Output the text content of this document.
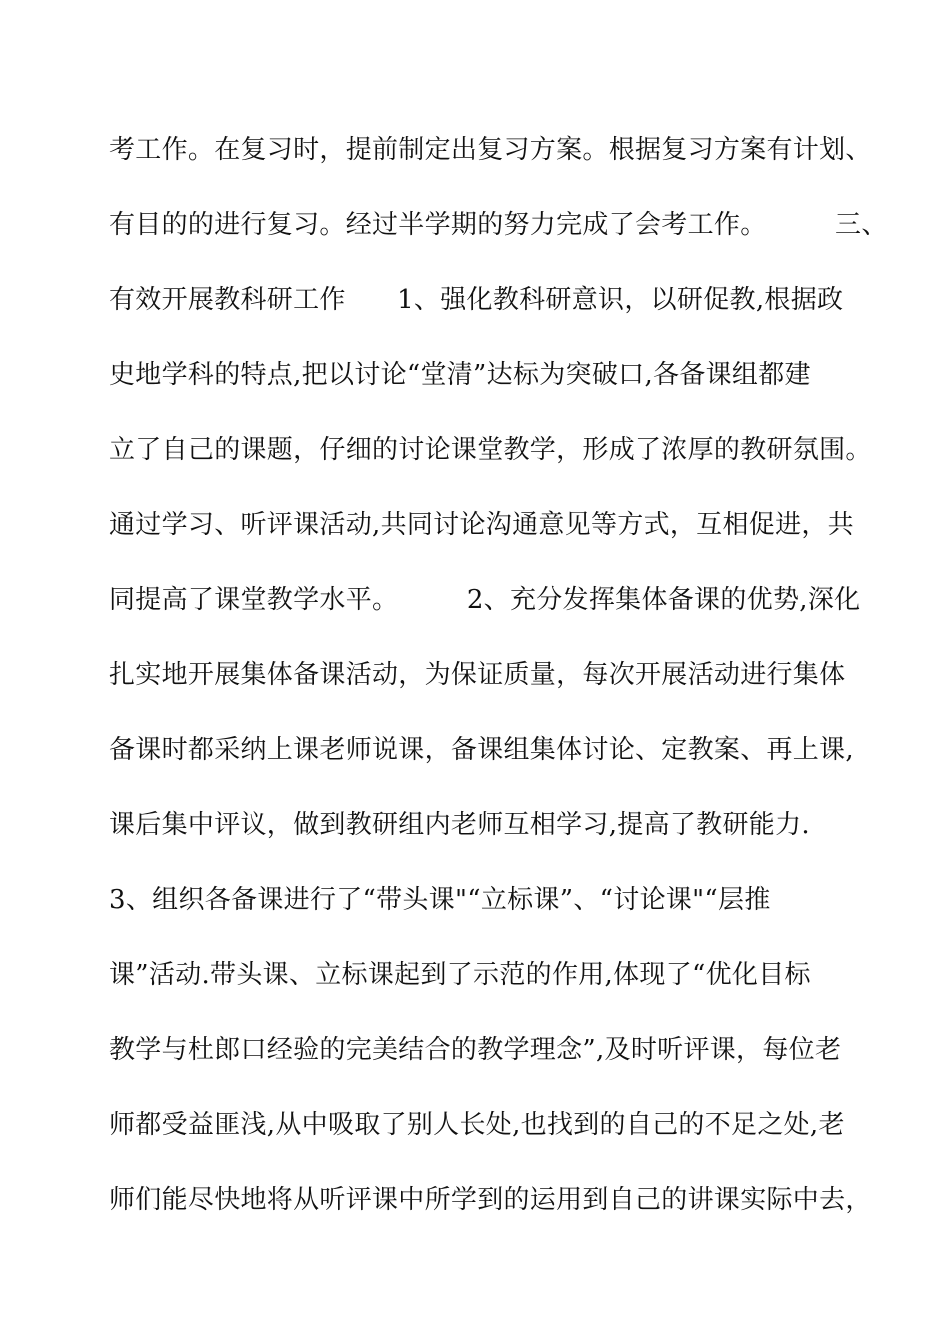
考工作。在复习时，提前制定出复习方案。根据复习方案有计划、
有目的的进行复习。经过半学期的努力完成了会考工作。        三、
有效开展教科研工作      1、强化教科研意识，以研促教,根据政
史地学科的特点,把以讨论“堂清”达标为突破口,各备课组都建
立了自己的课题，仔细的讨论课堂教学，形成了浓厚的教研氛围。
通过学习、听评课活动,共同讨论沟通意见等方式，互相促进，共
同提高了课堂教学水平。        2、充分发挥集体备课的优势,深化
扎实地开展集体备课活动，为保证质量，每次开展活动进行集体
备课时都采纳上课老师说课，备课组集体讨论、定教案、再上课,
课后集中评议，做到教研组内老师互相学习,提高了教研能力.
3、组织各备课进行了“带头课"“立标课”、“讨论课"“层推
课”活动.带头课、立标课起到了示范的作用,体现了“优化目标
教学与杜郎口经验的完美结合的教学理念”,及时听评课，每位老
师都受益匪浅,从中吸取了别人长处,也找到的自己的不足之处,老
师们能尽快地将从听评课中所学到的运用到自己的讲课实际中去，
